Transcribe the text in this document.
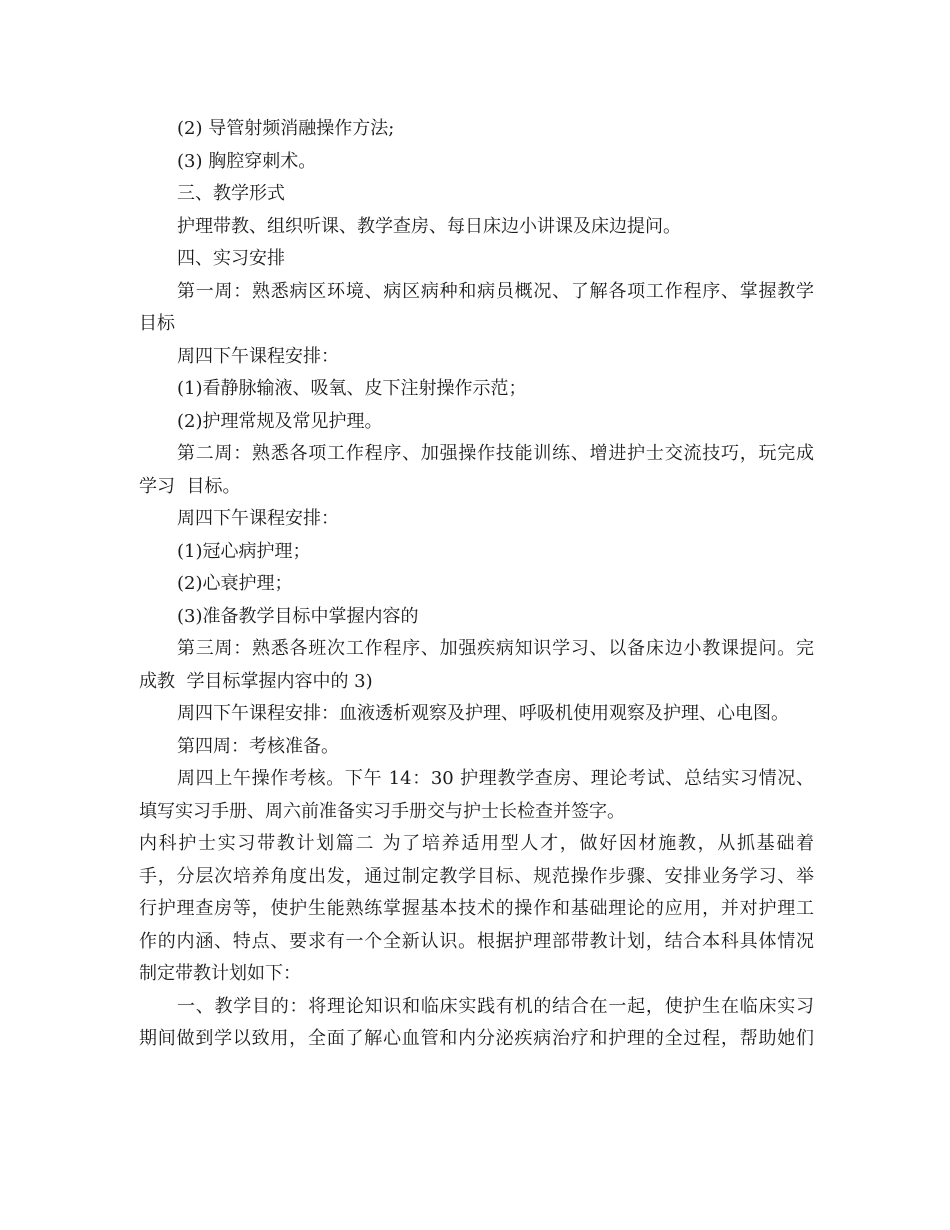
(2) 导管射频消融操作方法;
(3) 胸腔穿刺术。
三、教学形式
护理带教、组织听课、教学查房、每日床边小讲课及床边提问。
四、实习安排
第一周：熟悉病区环境、病区病种和病员概况、了解各项工作程序、掌握教学
目标
周四下午课程安排：
(1)看静脉输液、吸氧、皮下注射操作示范；
(2)护理常规及常见护理。
第二周：熟悉各项工作程序、加强操作技能训练、增进护士交流技巧，玩完成
学习  目标。
周四下午课程安排：
(1)冠心病护理；
(2)心衰护理；
(3)准备教学目标中掌握内容的
第三周：熟悉各班次工作程序、加强疾病知识学习、以备床边小教课提问。完
成教  学目标掌握内容中的 3)
周四下午课程安排：血液透析观察及护理、呼吸机使用观察及护理、心电图。
第四周：考核准备。
周四上午操作考核。下午 14：30 护理教学查房、理论考试、总结实习情况、
填写实习手册、周六前准备实习手册交与护士长检查并签字。
内科护士实习带教计划篇二 为了培养适用型人才，做好因材施教，从抓基础着
手，分层次培养角度出发，通过制定教学目标、规范操作步骤、安排业务学习、举
行护理查房等，使护生能熟练掌握基本技术的操作和基础理论的应用，并对护理工
作的内涵、特点、要求有一个全新认识。根据护理部带教计划，结合本科具体情况
制定带教计划如下：
一、教学目的：将理论知识和临床实践有机的结合在一起，使护生在临床实习
期间做到学以致用，全面了解心血管和内分泌疾病治疗和护理的全过程，帮助她们
